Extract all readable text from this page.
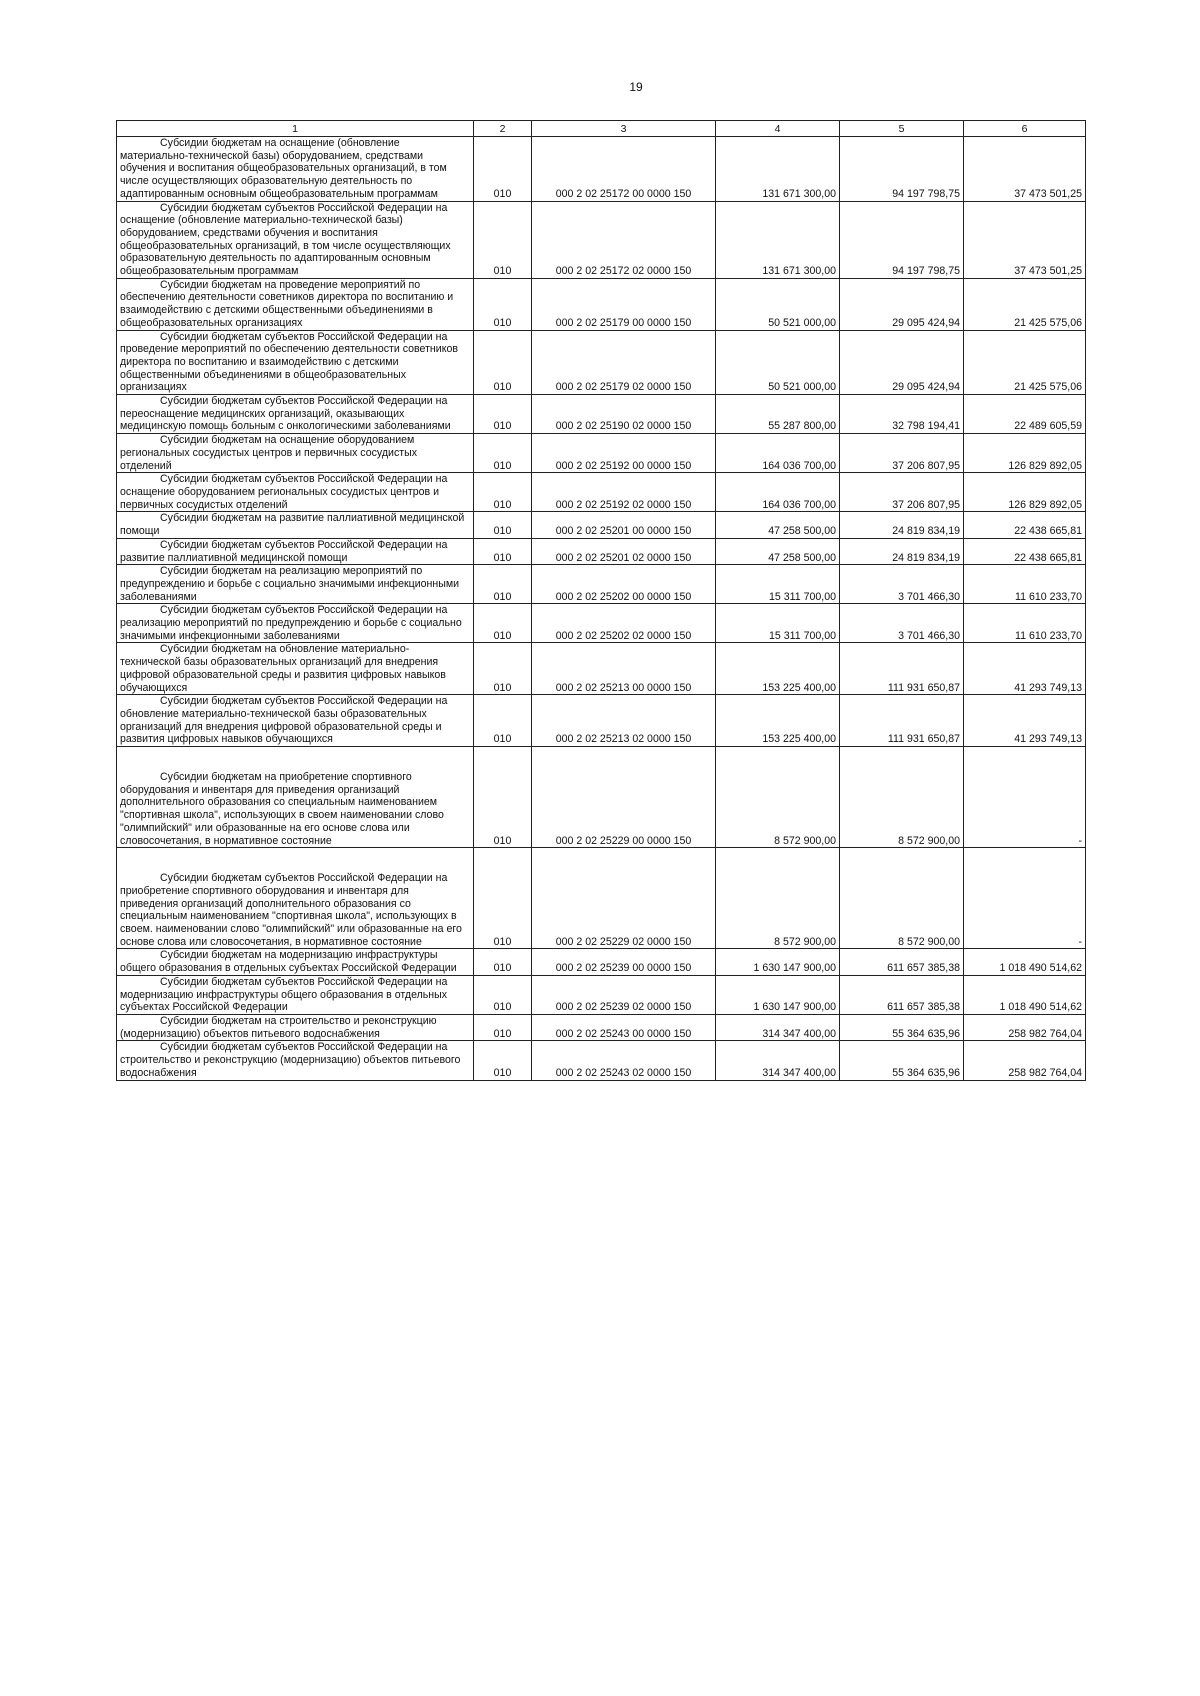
19
1	2	3	4	5	6
Субсидии бюджетам на оснащение (обновление материально-технической базы) оборудованием, средствами обучения и воспитания общеобразовательных организаций, в том числе осуществляющих образовательную деятельность по адаптированным основным общеобразовательным программам	010	000 2 02 25172 00 0000 150	131 671 300,00	94 197 798,75	37 473 501,25
Субсидии бюджетам субъектов Российской Федерации на оснащение (обновление материально-технической базы) оборудованием, средствами обучения и воспитания общеобразовательных организаций, в том числе осуществляющих образовательную деятельность по адаптированным основным общеобразовательным программам	010	000 2 02 25172 02 0000 150	131 671 300,00	94 197 798,75	37 473 501,25
Субсидии бюджетам на проведение мероприятий по обеспечению деятельности советников директора по воспитанию и взаимодействию с детскими общественными объединениями в общеобразовательных организациях	010	000 2 02 25179 00 0000 150	50 521 000,00	29 095 424,94	21 425 575,06
Субсидии бюджетам субъектов Российской Федерации на проведение мероприятий по обеспечению деятельности советников директора по воспитанию и взаимодействию с детскими общественными объединениями в общеобразовательных организациях	010	000 2 02 25179 02 0000 150	50 521 000,00	29 095 424,94	21 425 575,06
Субсидии бюджетам субъектов Российской Федерации на переоснащение медицинских организаций, оказывающих медицинскую помощь больным с онкологическими заболеваниями	010	000 2 02 25190 02 0000 150	55 287 800,00	32 798 194,41	22 489 605,59
Субсидии бюджетам на оснащение оборудованием региональных сосудистых центров и первичных сосудистых отделений	010	000 2 02 25192 00 0000 150	164 036 700,00	37 206 807,95	126 829 892,05
Субсидии бюджетам субъектов Российской Федерации на оснащение оборудованием региональных сосудистых центров и первичных сосудистых отделений	010	000 2 02 25192 02 0000 150	164 036 700,00	37 206 807,95	126 829 892,05
Субсидии бюджетам на развитие паллиативной медицинской помощи	010	000 2 02 25201 00 0000 150	47 258 500,00	24 819 834,19	22 438 665,81
Субсидии бюджетам субъектов Российской Федерации на развитие паллиативной медицинской помощи	010	000 2 02 25201 02 0000 150	47 258 500,00	24 819 834,19	22 438 665,81
Субсидии бюджетам на реализацию мероприятий по предупреждению и борьбе с социально значимыми инфекционными заболеваниями	010	000 2 02 25202 00 0000 150	15 311 700,00	3 701 466,30	11 610 233,70
Субсидии бюджетам субъектов Российской Федерации на реализацию мероприятий по предупреждению и борьбе с социально значимыми инфекционными заболеваниями	010	000 2 02 25202 02 0000 150	15 311 700,00	3 701 466,30	11 610 233,70
Субсидии бюджетам на обновление материально-технической базы образовательных организаций для внедрения цифровой образовательной среды и развития цифровых навыков обучающихся	010	000 2 02 25213 00 0000 150	153 225 400,00	111 931 650,87	41 293 749,13
Субсидии бюджетам субъектов Российской Федерации на обновление материально-технической базы образовательных организаций для внедрения цифровой образовательной среды и развития цифровых навыков обучающихся	010	000 2 02 25213 02 0000 150	153 225 400,00	111 931 650,87	41 293 749,13
Субсидии бюджетам на приобретение спортивного оборудования и инвентаря для приведения организаций дополнительного образования со специальным наименованием "спортивная школа", использующих в своем наименовании слово "олимпийский" или образованные на его основе слова или словосочетания, в нормативное состояние	010	000 2 02 25229 00 0000 150	8 572 900,00	8 572 900,00	-
Субсидии бюджетам субъектов Российской Федерации на приобретение спортивного оборудования и инвентаря для приведения организаций дополнительного образования со специальным наименованием "спортивная школа", использующих в своем. наименовании слово "олимпийский" или образованные на его основе слова или словосочетания, в нормативное состояние	010	000 2 02 25229 02 0000 150	8 572 900,00	8 572 900,00	-
Субсидии бюджетам на модернизацию инфраструктуры общего образования в отдельных субъектах Российской Федерации	010	000 2 02 25239 00 0000 150	1 630 147 900,00	611 657 385,38	1 018 490 514,62
Субсидии бюджетам субъектов Российской Федерации на модернизацию инфраструктуры общего образования в отдельных субъектах Российской Федерации	010	000 2 02 25239 02 0000 150	1 630 147 900,00	611 657 385,38	1 018 490 514,62
Субсидии бюджетам на строительство и реконструкцию (модернизацию) объектов питьевого водоснабжения	010	000 2 02 25243 00 0000 150	314 347 400,00	55 364 635,96	258 982 764,04
Субсидии бюджетам субъектов Российской Федерации на строительство и реконструкцию (модернизацию) объектов питьевого водоснабжения	010	000 2 02 25243 02 0000 150	314 347 400,00	55 364 635,96	258 982 764,04
